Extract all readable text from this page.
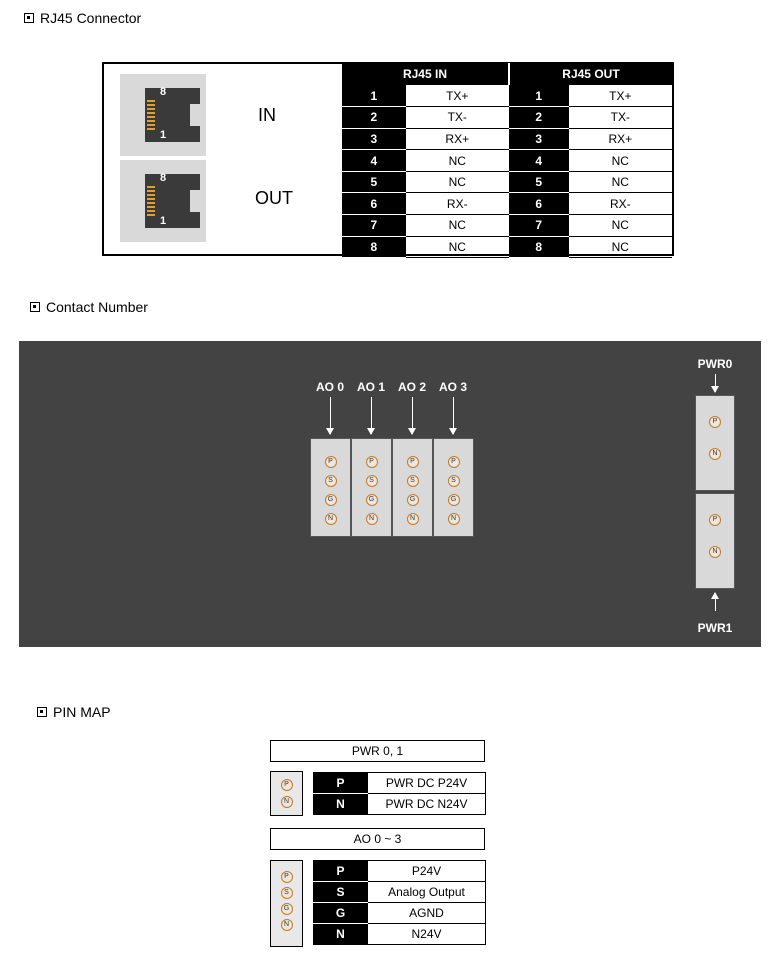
RJ45 Connector
8
1
IN
8
1
OUT
RJ45 IN		RJ45 OUT	
1	TX+	1	TX+
2	TX-	2	TX-
3	RX+	3	RX+
4	NC	4	NC
5	NC	5	NC
6	RX-	6	RX-
7	NC	7	NC
8	NC	8	NC
Contact Number
AO 0
P
S
G
N
AO 1
P
S
G
N
AO 2
P
S
G
N
AO 3
P
S
G
N
PWR0
P
N
P
N
PWR1
PIN MAP
PWR 0, 1
P
N
P	PWR DC P24V
N	PWR DC N24V
AO 0 ~ 3
P
S
G
N
P	P24V
S	Analog Output
G	AGND
N	N24V
